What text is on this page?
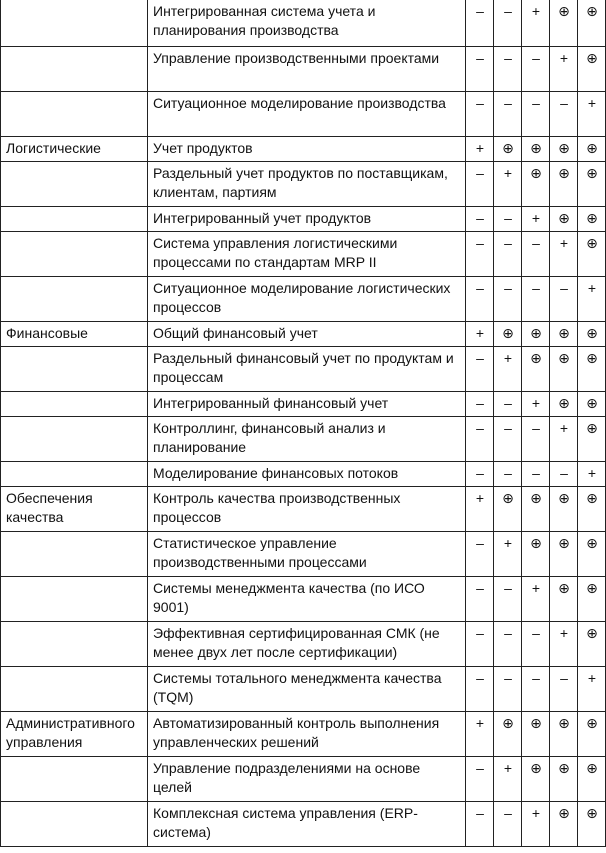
	Интегрированная система учета и планирования производства	–	–	+	⊕	⊕
	Управление производственными проектами	–	–	–	+	⊕
	Ситуационное моделирование производства	–	–	–	–	+
Логистические	Учет продуктов	+	⊕	⊕	⊕	⊕
	Раздельный учет продуктов по поставщикам, клиентам, партиям	–	+	⊕	⊕	⊕
	Интегрированный учет продуктов	–	–	+	⊕	⊕
	Система управления логистическими процессами по стандартам MRP II	–	–	–	+	⊕
	Ситуационное моделирование логистических процессов	–	–	–	–	+
Финансовые	Общий финансовый учет	+	⊕	⊕	⊕	⊕
	Раздельный финансовый учет по продуктам и процессам	–	+	⊕	⊕	⊕
	Интегрированный финансовый учет	–	–	+	⊕	⊕
	Контроллинг, финансовый анализ и планирование	–	–	–	+	⊕
	Моделирование финансовых потоков	–	–	–	–	+
Обеспечения качества	Контроль качества производственных процессов	+	⊕	⊕	⊕	⊕
	Статистическое управление производственными процессами	–	+	⊕	⊕	⊕
	Системы менеджмента качества (по ИСО 9001)	–	–	+	⊕	⊕
	Эффективная сертифицированная СМК (не менее двух лет после сертификации)	–	–	–	+	⊕
	Системы тотального менеджмента качества (TQM)	–	–	–	–	+
Административного управления	Автоматизированный контроль выполнения управленческих решений	+	⊕	⊕	⊕	⊕
	Управление подразделениями на основе целей	–	+	⊕	⊕	⊕
	Комплексная система управления (ERP-система)	–	–	+	⊕	⊕
